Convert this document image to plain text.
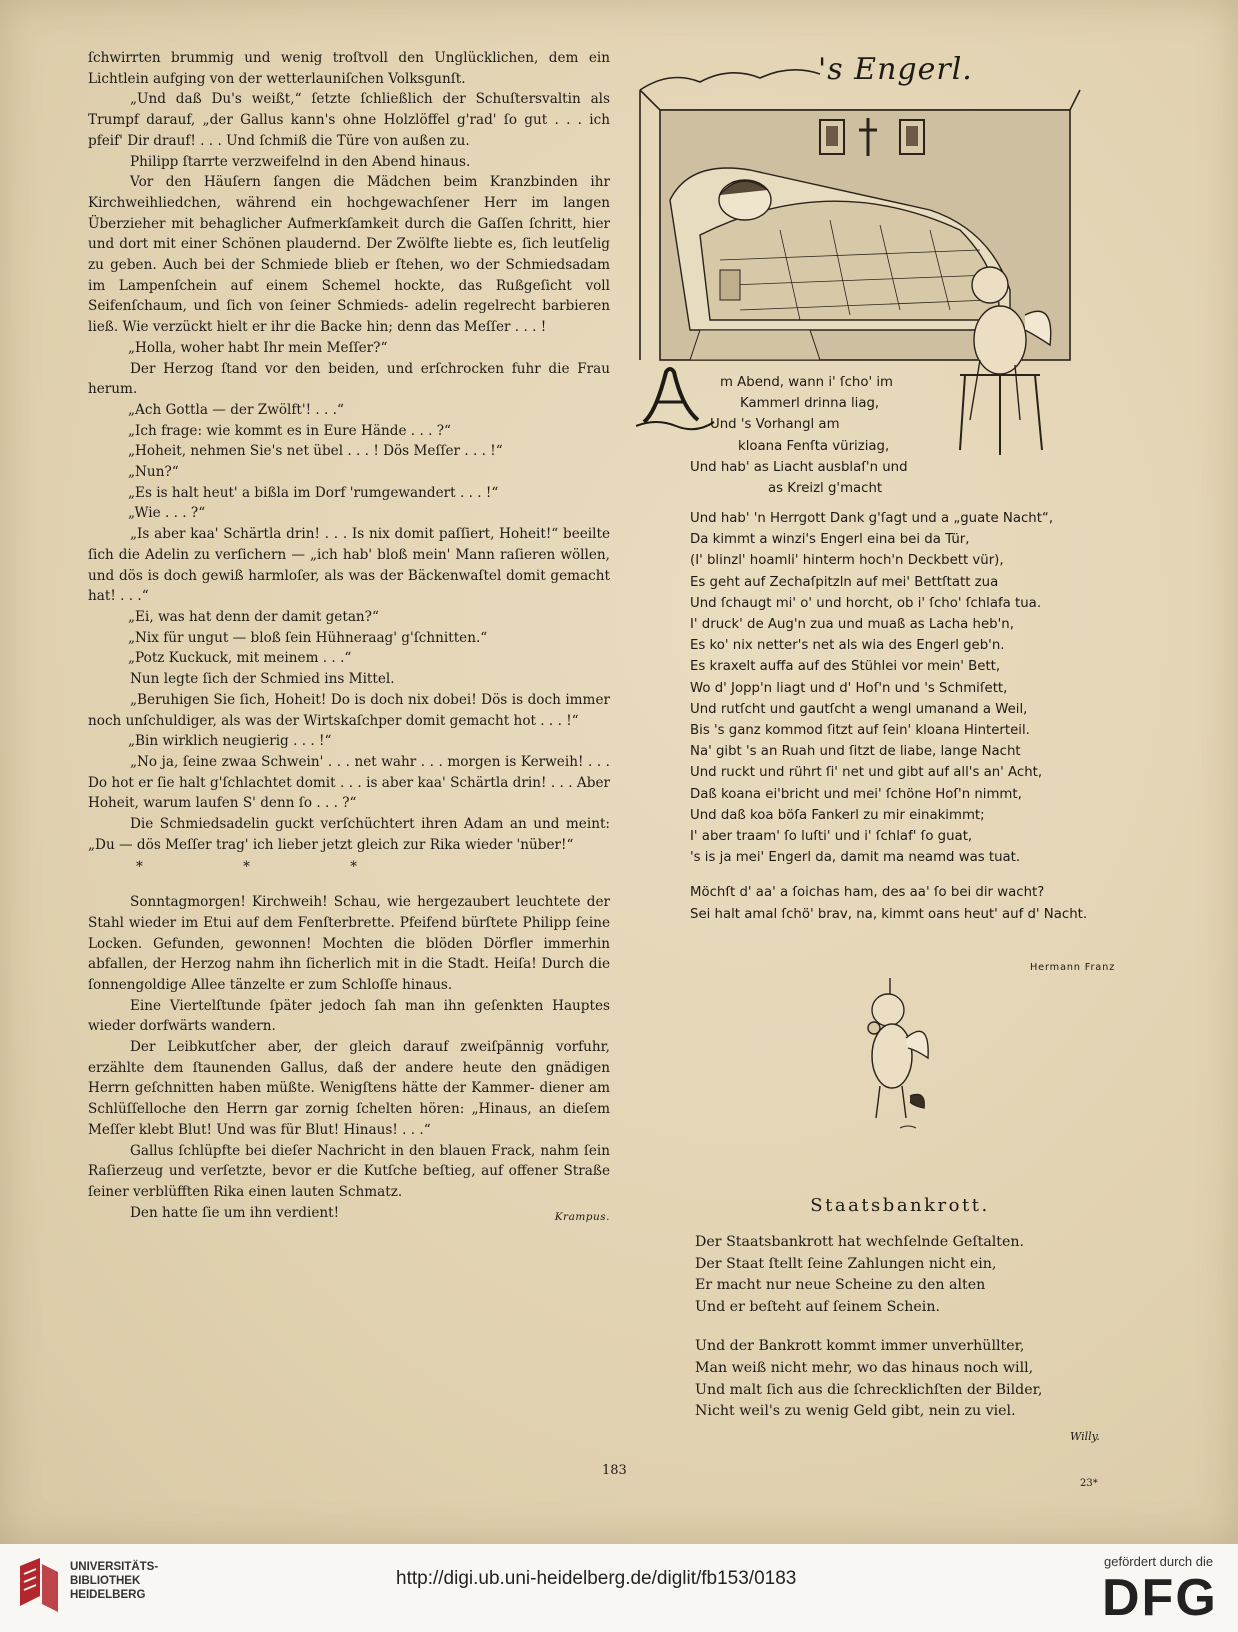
ſchwirrten brummig und wenig troſtvoll den Unglücklichen, dem ein Lichtlein aufging von der wetterlauniſchen Volksgunſt.

„Und daß Du's weißt,“ ſetzte ſchließlich der Schuſtersvaltin als Trumpf darauf, „der Gallus kann's ohne Holzlöffel g'rad' ſo gut . . . ich pfeif' Dir drauf! . . . Und ſchmiß die Türe von außen zu.

Philipp ſtarrte verzweifelnd in den Abend hinaus.

Vor den Häuſern ſangen die Mädchen beim Kranzbinden ihr Kirchweihliedchen, während ein hochgewachſener Herr im langen Überzieher mit behaglicher Aufmerkſamkeit durch die Gaſſen ſchritt, hier und dort mit einer Schönen plaudernd. Der Zwölfte liebte es, ſich leutſelig zu geben. Auch bei der Schmiede blieb er ſtehen, wo der Schmiedsadam im Lampenſchein auf einem Schemel hockte, das Rußgeſicht voll Seifenſchaum, und ſich von ſeiner Schmieds- adelin regelrecht barbieren ließ. Wie verzückt hielt er ihr die Backe hin; denn das Meſſer . . . !

„Holla, woher habt Ihr mein Meſſer?“

Der Herzog ſtand vor den beiden, und erſchrocken fuhr die Frau herum.

„Ach Gottla — der Zwölft'! . . .“

„Ich frage: wie kommt es in Eure Hände . . . ?“

„Hoheit, nehmen Sie's net übel . . . ! Dös Meſſer . . . !“

„Nun?“

„Es is halt heut' a bißla im Dorf 'rumgewandert . . . !“

„Wie . . . ?“

„Is aber kaa' Schärtla drin! . . . Is nix domit paſſiert, Hoheit!“ beeilte ſich die Adelin zu verſichern — „ich hab' bloß mein' Mann raſieren wöllen, und dös is doch gewiß harmloſer, als was der Bäckenwaſtel domit gemacht hat! . . .“

„Ei, was hat denn der damit getan?“

„Nix für ungut — bloß ſein Hühneraag' g'ſchnitten.“

„Potz Kuckuck, mit meinem . . .“

Nun legte ſich der Schmied ins Mittel.

„Beruhigen Sie ſich, Hoheit! Do is doch nix dobei! Dös is doch immer noch unſchuldiger, als was der Wirtskaſchper domit gemacht hot . . . !“

„Bin wirklich neugierig . . . !“

„No ja, ſeine zwaa Schwein' . . . net wahr . . . morgen is Kerweih! . . . Do hot er ſie halt g'ſchlachtet domit . . . is aber kaa' Schärtla drin! . . . Aber Hoheit, warum laufen S' denn ſo . . . ?“

Die Schmiedsadelin guckt verſchüchtert ihren Adam an und meint: „Du — dös Meſſer trag' ich lieber jetzt gleich zur Rika wieder 'nüber!“

* * *

Sonntagmorgen! Kirchweih! Schau, wie hergezaubert leuchtete der Stahl wieder im Etui auf dem Fenſterbrette. Pfeifend bürſtete Philipp ſeine Locken. Gefunden, gewonnen! Mochten die blöden Dörfler immerhin abfallen, der Herzog nahm ihn ſicherlich mit in die Stadt. Heiſa! Durch die ſonnengoldige Allee tänzelte er zum Schloſſe hinaus.

Eine Viertelſtunde ſpäter jedoch ſah man ihn geſenkten Hauptes wieder dorfwärts wandern.

Der Leibkutſcher aber, der gleich darauf zweiſpännig vorfuhr, erzählte dem ſtaunenden Gallus, daß der andere heute den gnädigen Herrn geſchnitten haben müßte. Wenigſtens hätte der Kammer- diener am Schlüſſelloche den Herrn gar zornig ſchelten hören: „Hinaus, an dieſem Meſſer klebt Blut! Und was für Blut! Hinaus! . . .“

Gallus ſchlüpfte bei dieſer Nachricht in den blauen Frack, nahm ſein Raſierzeug und verſetzte, bevor er die Kutſche beſtieg, auf offener Straße ſeiner verblüfften Rika einen lauten Schmatz.

Den hatte ſie um ihn verdient!	Krampus.

's Engerl.
A
m Abend, wann i' ſcho' im
Kammerl drinna liag,
Und 's Vorhangl am
kloana Fenſta vüriziag,
Und hab' as Liacht ausblaſ'n und
as Kreizl g'macht
Und hab' 'n Herrgott Dank g'ſagt und a „guate Nacht“,
Da kimmt a winzi's Engerl eina bei da Tür,
(I' blinzl' hoamli' hinterm hoch'n Deckbett vür),
Es geht auf Zechaſpitzln auf mei' Bettſtatt zua
Und ſchaugt mi' o' und horcht, ob i' ſcho' ſchlafa tua.
I' druck' de Aug'n zua und muaß as Lacha heb'n,
Es ko' nix netter's net als wia des Engerl geb'n.
Es kraxelt auffa auf des Stühlei vor mein' Bett,
Wo d' Jopp'n liagt und d' Hoſ'n und 's Schmiſett,
Und rutſcht und gautſcht a wengl umanand a Weil,
Bis 's ganz kommod ſitzt auf ſein' kloana Hinterteil.
Na' gibt 's an Ruah und ſitzt de liabe, lange Nacht
Und ruckt und rührt ſi' net und gibt auf all's an' Acht,
Daß koana ei'bricht und mei' ſchöne Hoſ'n nimmt,
Und daß koa böſa Fankerl zu mir einakimmt;
I' aber traam' ſo luſti' und i' ſchlaf' ſo guat,
's is ja mei' Engerl da, damit ma neamd was tuat.
Möchſt d' aa' a ſoichas ham, des aa' ſo bei dir wacht?
Sei halt amal ſchö' brav, na, kimmt oans heut' auf d' Nacht.
Hermann Franz
Staatsbankrott.
Der Staatsbankrott hat wechſelnde Geſtalten.
Der Staat ſtellt ſeine Zahlungen nicht ein,
Er macht nur neue Scheine zu den alten
Und er beſteht auf ſeinem Schein.
Und der Bankrott kommt immer unverhüllter,
Man weiß nicht mehr, wo das hinaus noch will,
Und malt ſich aus die ſchrecklichſten der Bilder,
Nicht weil's zu wenig Geld gibt, nein zu viel.
Willy.
183
23*
UNIVERSITÄTS-
BIBLIOTHEK
HEIDELBERG
http://digi.ub.uni-heidelberg.de/diglit/fb153/0183
gefördert durch die
DFG
